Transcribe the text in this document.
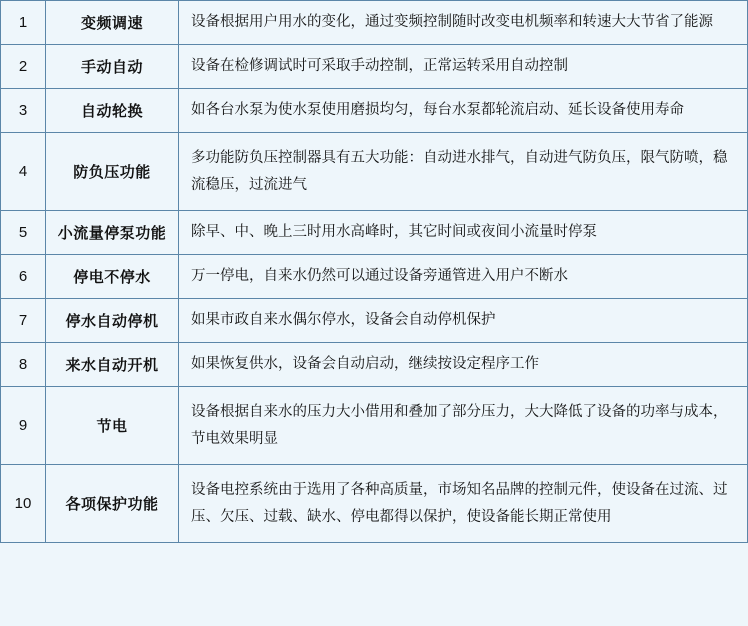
1	变频调速	设备根据用户用水的变化，通过变频控制随时改变电机频率和转速大大节省了能源
2	手动自动	设备在检修调试时可采取手动控制，正常运转采用自动控制
3	自动轮换	如各台水泵为使水泵使用磨损均匀，每台水泵都轮流启动、延长设备使用寿命
4	防负压功能	多功能防负压控制器具有五大功能：自动进水排气，自动进气防负压，限气防喷，稳流稳压，过流进气
5	小流量停泵功能	除早、中、晚上三时用水高峰时，其它时间或夜间小流量时停泵
6	停电不停水	万一停电，自来水仍然可以通过设备旁通管进入用户不断水
7	停水自动停机	如果市政自来水偶尔停水，设备会自动停机保护
8	来水自动开机	如果恢复供水，设备会自动启动，继续按设定程序工作
9	节电	设备根据自来水的压力大小借用和叠加了部分压力，大大降低了设备的功率与成本，节电效果明显
10	各项保护功能	设备电控系统由于选用了各种高质量，市场知名品牌的控制元件，使设备在过流、过压、欠压、过载、缺水、停电都得以保护，使设备能长期正常使用
